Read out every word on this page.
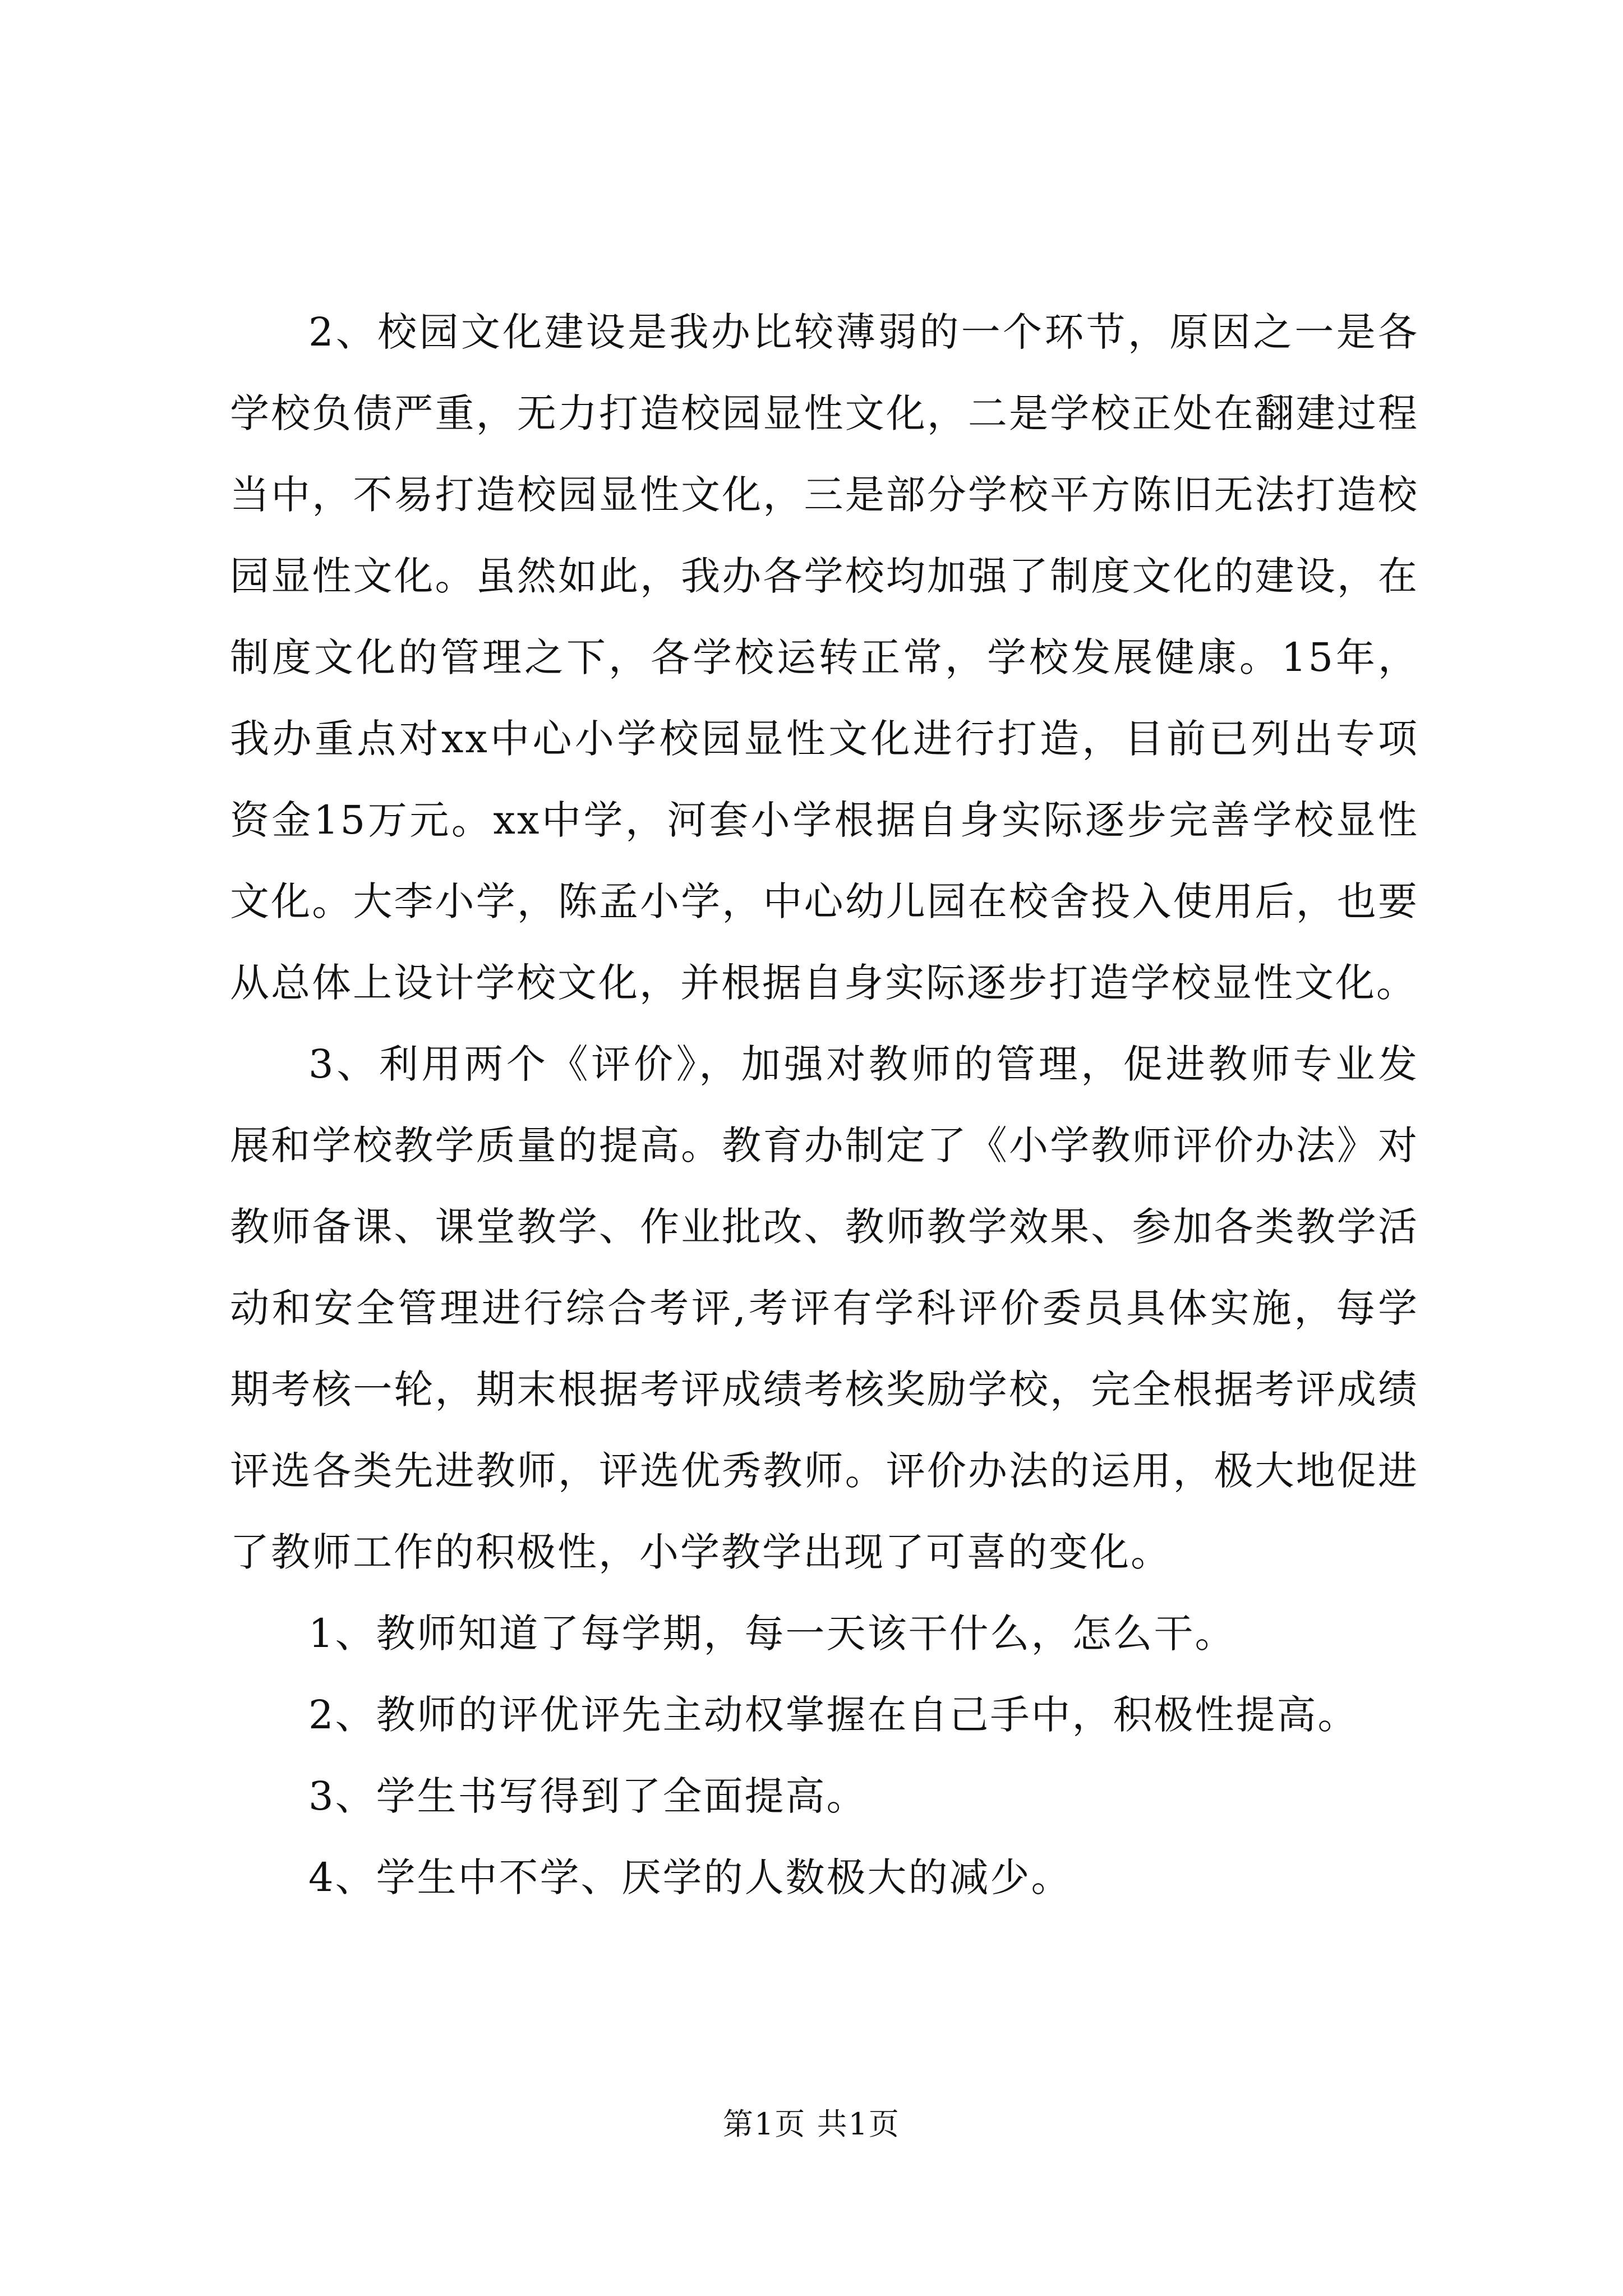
2、校园文化建设是我办比较薄弱的一个环节，原因之一是各学校负债严重，无力打造校园显性文化，二是学校正处在翻建过程当中，不易打造校园显性文化，三是部分学校平方陈旧无法打造校园显性文化。虽然如此，我办各学校均加强了制度文化的建设，在制度文化的管理之下，各学校运转正常，学校发展健康。15年，我办重点对xx中心小学校园显性文化进行打造，目前已列出专项资金15万元。xx中学，河套小学根据自身实际逐步完善学校显性文化。大李小学，陈孟小学，中心幼儿园在校舍投入使用后，也要从总体上设计学校文化，并根据自身实际逐步打造学校显性文化。

3、利用两个《评价》，加强对教师的管理，促进教师专业发展和学校教学质量的提高。教育办制定了《小学教师评价办法》对教师备课、课堂教学、作业批改、教师教学效果、参加各类教学活动和安全管理进行综合考评,考评有学科评价委员具体实施，每学期考核一轮，期末根据考评成绩考核奖励学校，完全根据考评成绩评选各类先进教师，评选优秀教师。评价办法的运用，极大地促进了教师工作的积极性，小学教学出现了可喜的变化。

1、教师知道了每学期，每一天该干什么，怎么干。

2、教师的评优评先主动权掌握在自己手中，积极性提高。

3、学生书写得到了全面提高。

4、学生中不学、厌学的人数极大的减少。

第1页 共1页
